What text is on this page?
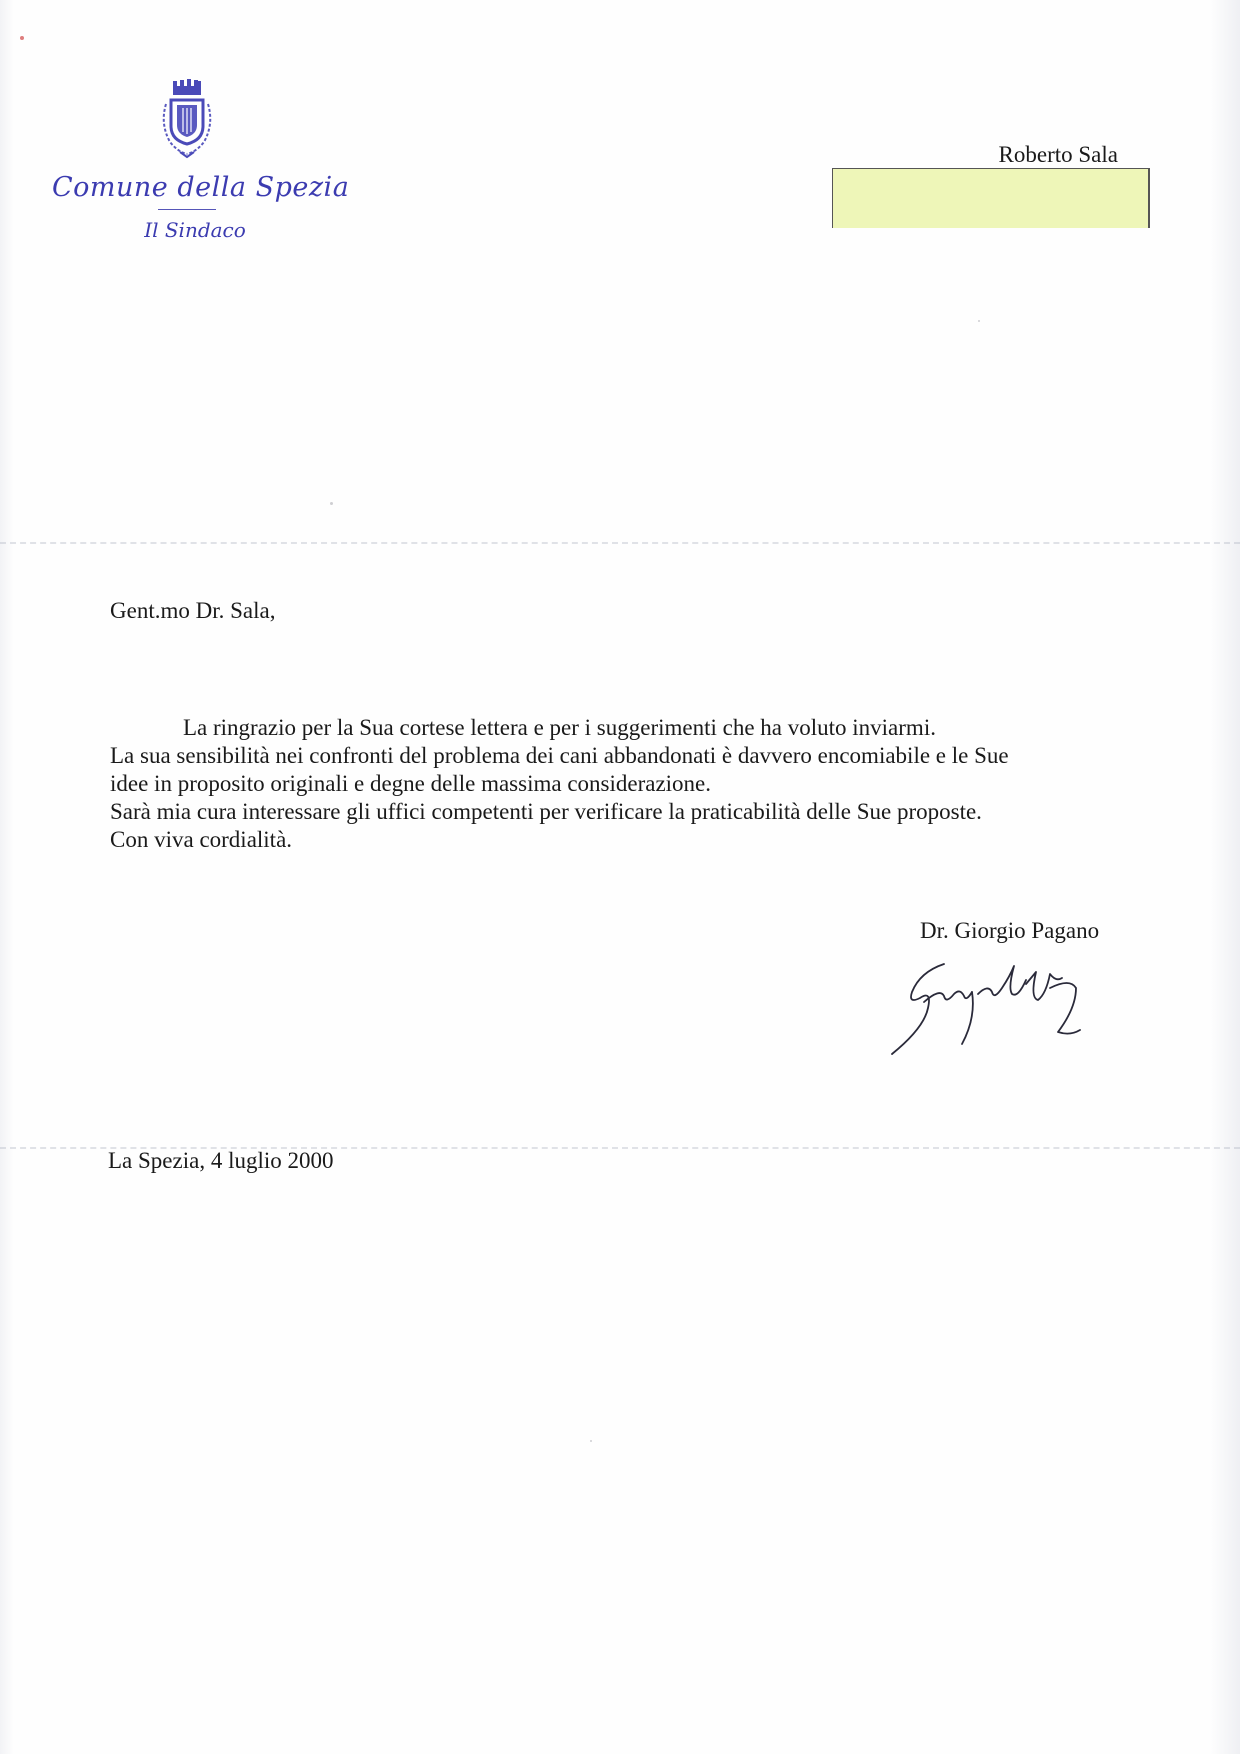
Comune della Spezia
Il Sindaco
Roberto Sala
Gent.mo Dr. Sala,
La ringrazio per la Sua cortese lettera e per i suggerimenti che ha voluto inviarmi.
La sua sensibilità nei confronti del problema dei cani abbandonati è davvero encomiabile e le Sue
idee in proposito originali e degne delle massima considerazione.
Sarà mia cura interessare gli uffici competenti per verificare la praticabilità delle Sue proposte.
Con viva cordialità.
Dr. Giorgio Pagano
La Spezia, 4 luglio 2000
